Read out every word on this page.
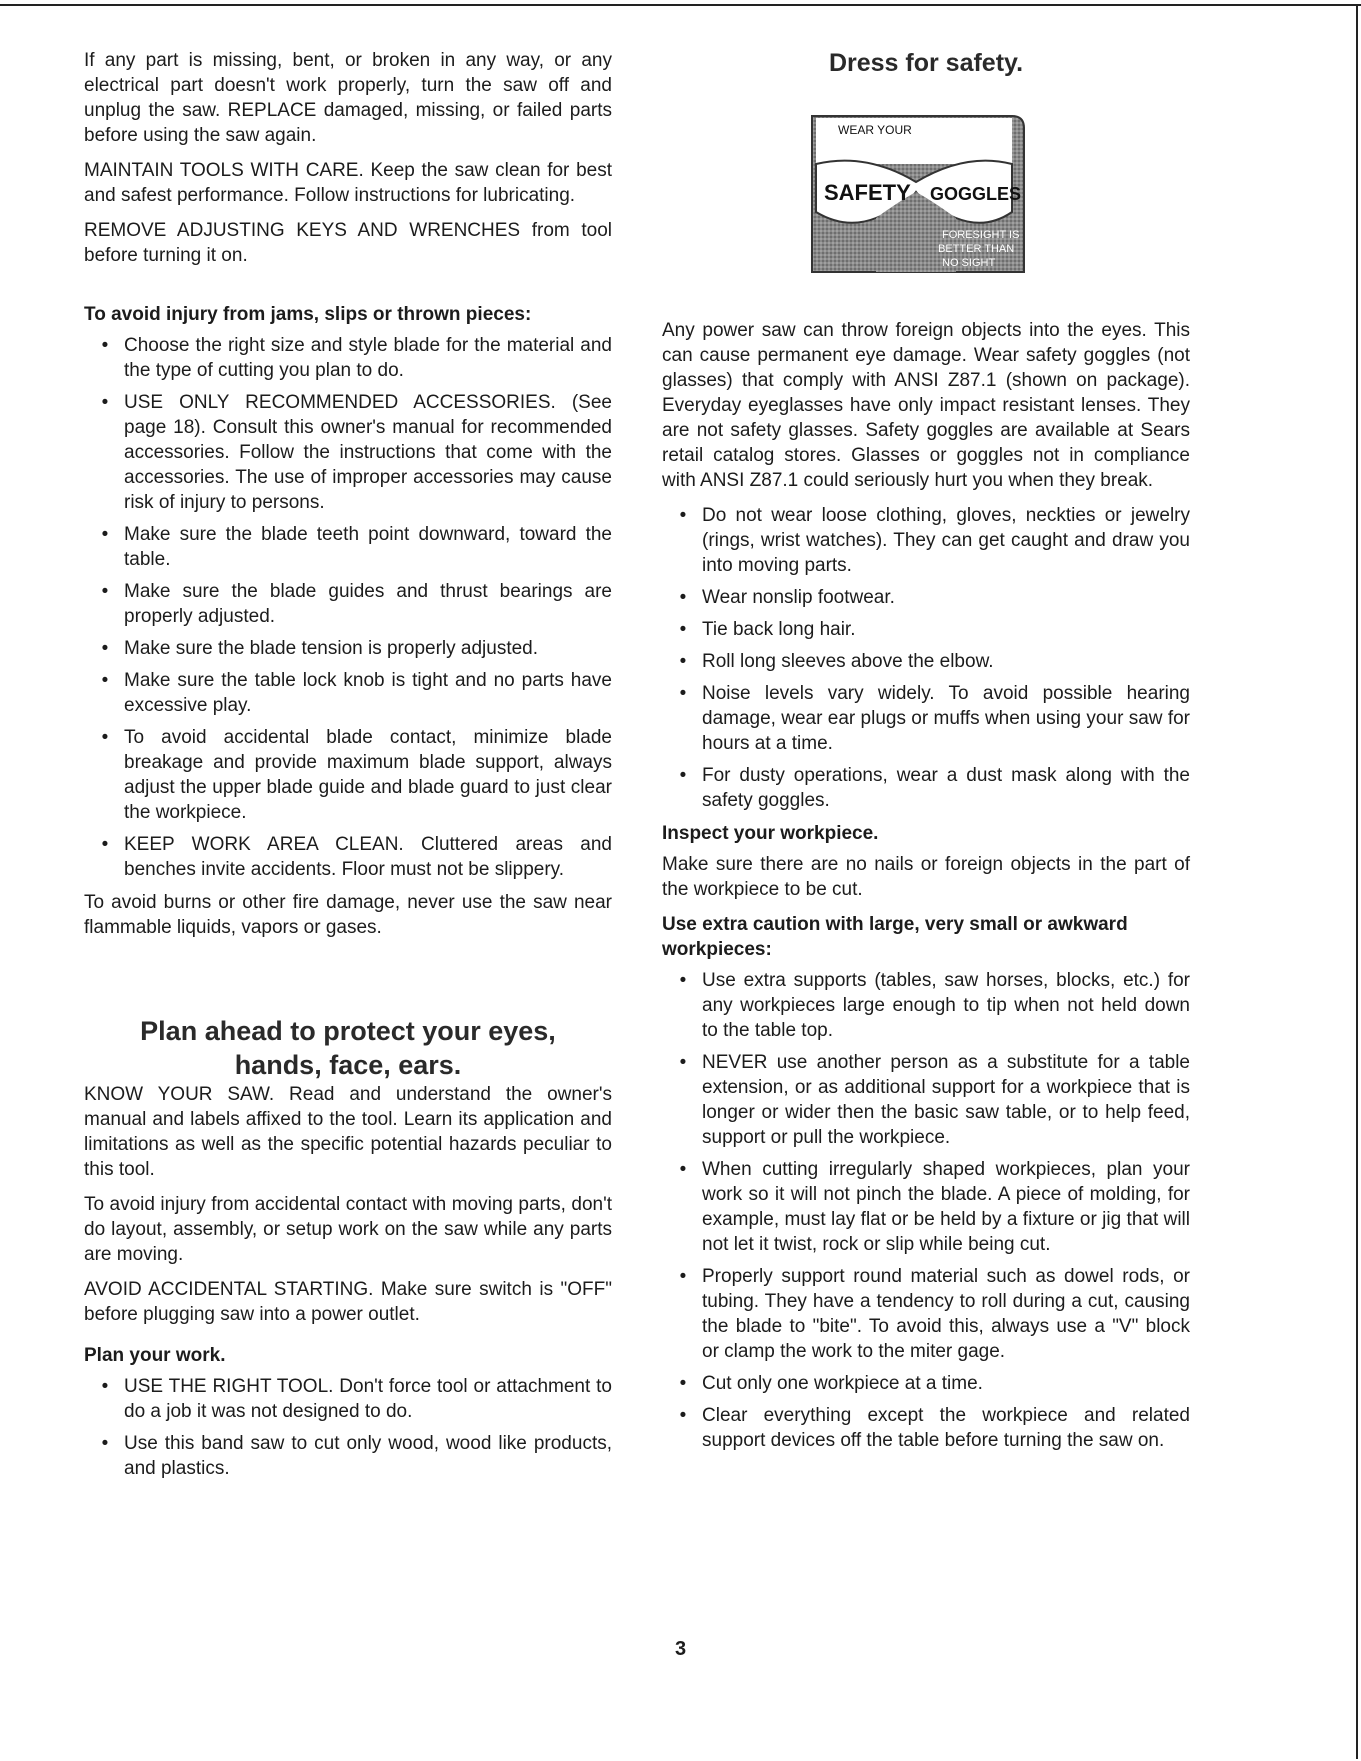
If any part is missing, bent, or broken in any way, or any electrical part doesn't work properly, turn the saw off and unplug the saw. REPLACE damaged, missing, or failed parts before using the saw again.

MAINTAIN TOOLS WITH CARE. Keep the saw clean for best and safest performance. Follow instructions for lubricating.

REMOVE ADJUSTING KEYS AND WRENCHES from tool before turning it on.

To avoid injury from jams, slips or thrown pieces:
• Choose the right size and style blade for the material and the type of cutting you plan to do.
• USE ONLY RECOMMENDED ACCESSORIES. (See page 18). Consult this owner's manual for recommended accessories. Follow the instructions that come with the accessories. The use of improper accessories may cause risk of injury to persons.
• Make sure the blade teeth point downward, toward the table.
• Make sure the blade guides and thrust bearings are properly adjusted.
• Make sure the blade tension is properly adjusted.
• Make sure the table lock knob is tight and no parts have excessive play.
• To avoid accidental blade contact, minimize blade breakage and provide maximum blade support, always adjust the upper blade guide and blade guard to just clear the workpiece.
• KEEP WORK AREA CLEAN. Cluttered areas and benches invite accidents. Floor must not be slippery.

To avoid burns or other fire damage, never use the saw near flammable liquids, vapors or gases.

Plan ahead to protect your eyes,
hands, face, ears.

KNOW YOUR SAW. Read and understand the owner's manual and labels affixed to the tool. Learn its application and limitations as well as the specific potential hazards peculiar to this tool.

To avoid injury from accidental contact with moving parts, don't do layout, assembly, or setup work on the saw while any parts are moving.

AVOID ACCIDENTAL STARTING. Make sure switch is "OFF" before plugging saw into a power outlet.

Plan your work.
• USE THE RIGHT TOOL. Don't force tool or attachment to do a job it was not designed to do.
• Use this band saw to cut only wood, wood like products, and plastics.
Dress for safety.

Any power saw can throw foreign objects into the eyes. This can cause permanent eye damage. Wear safety goggles (not glasses) that comply with ANSI Z87.1 (shown on package). Everyday eyeglasses have only impact resistant lenses. They are not safety glasses. Safety goggles are available at Sears retail catalog stores. Glasses or goggles not in compliance with ANSI Z87.1 could seriously hurt you when they break.

• Do not wear loose clothing, gloves, neckties or jewelry (rings, wrist watches). They can get caught and draw you into moving parts.
• Wear nonslip footwear.
• Tie back long hair.
• Roll long sleeves above the elbow.
• Noise levels vary widely. To avoid possible hearing damage, wear ear plugs or muffs when using your saw for hours at a time.
• For dusty operations, wear a dust mask along with the safety goggles.
Inspect your workpiece.

Make sure there are no nails or foreign objects in the part of the workpiece to be cut.

Use extra caution with large, very small or awkward workpieces:
• Use extra supports (tables, saw horses, blocks, etc.) for any workpieces large enough to tip when not held down to the table top.
• NEVER use another person as a substitute for a table extension, or as additional support for a workpiece that is longer or wider then the basic saw table, or to help feed, support or pull the workpiece.
• When cutting irregularly shaped workpieces, plan your work so it will not pinch the blade. A piece of molding, for example, must lay flat or be held by a fixture or jig that will not let it twist, rock or slip while being cut.
• Properly support round material such as dowel rods, or tubing. They have a tendency to roll during a cut, causing the blade to "bite". To avoid this, always use a "V" block or clamp the work to the miter gage.
• Cut only one workpiece at a time.
• Clear everything except the workpiece and related support devices off the table before turning the saw on.
WEAR YOUR
SAFETY GOGGLES
FORESIGHT IS
BETTER THAN
NO SIGHT
3
